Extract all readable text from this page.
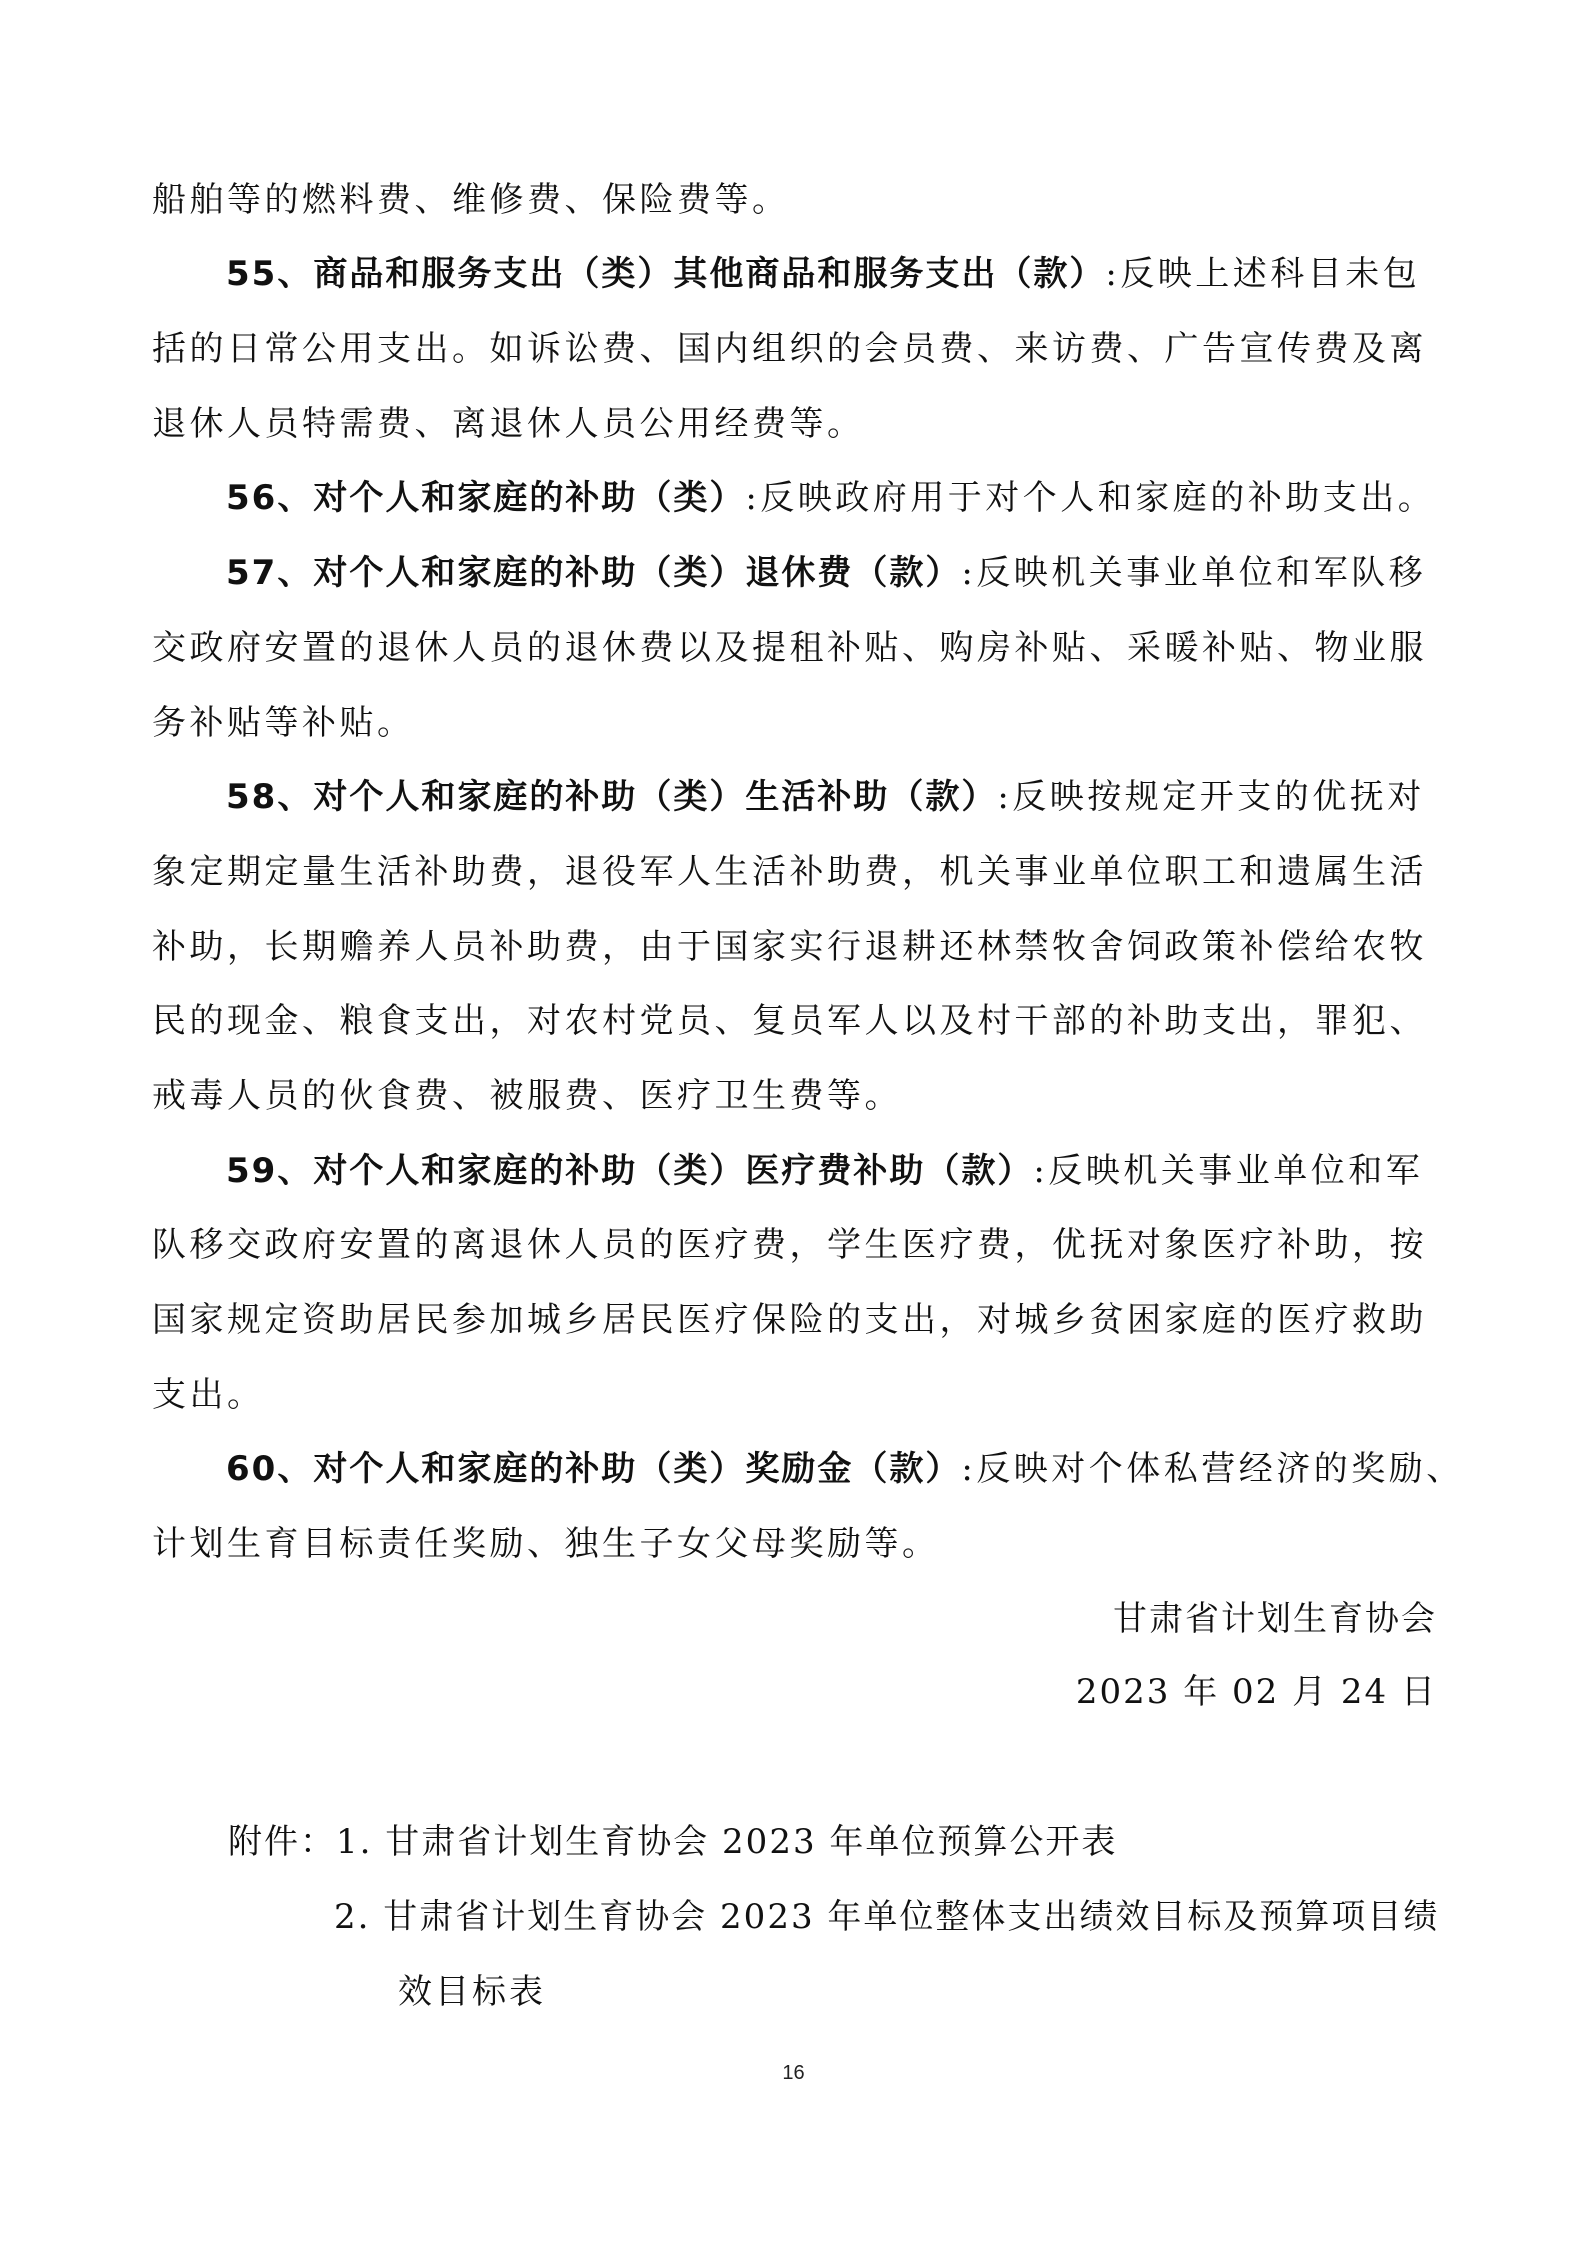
船舶等的燃料费、维修费、保险费等。
55、商品和服务支出（类）其他商品和服务支出（款）:反映上述科目未包
括的日常公用支出。如诉讼费、国内组织的会员费、来访费、广告宣传费及离
退休人员特需费、离退休人员公用经费等。
56、对个人和家庭的补助（类）:反映政府用于对个人和家庭的补助支出。
57、对个人和家庭的补助（类）退休费（款）:反映机关事业单位和军队移
交政府安置的退休人员的退休费以及提租补贴、购房补贴、采暖补贴、物业服
务补贴等补贴。
58、对个人和家庭的补助（类）生活补助（款）:反映按规定开支的优抚对
象定期定量生活补助费，退役军人生活补助费，机关事业单位职工和遗属生活
补助，长期赡养人员补助费，由于国家实行退耕还林禁牧舍饲政策补偿给农牧
民的现金、粮食支出，对农村党员、复员军人以及村干部的补助支出，罪犯、
戒毒人员的伙食费、被服费、医疗卫生费等。
59、对个人和家庭的补助（类）医疗费补助（款）:反映机关事业单位和军
队移交政府安置的离退休人员的医疗费，学生医疗费，优抚对象医疗补助，按
国家规定资助居民参加城乡居民医疗保险的支出，对城乡贫困家庭的医疗救助
支出。
60、对个人和家庭的补助（类）奖励金（款）:反映对个体私营经济的奖励、
计划生育目标责任奖励、独生子女父母奖励等。
甘肃省计划生育协会
2023 年 02 月 24 日
附件：1. 甘肃省计划生育协会 2023 年单位预算公开表
2. 甘肃省计划生育协会 2023 年单位整体支出绩效目标及预算项目绩
效目标表
16
